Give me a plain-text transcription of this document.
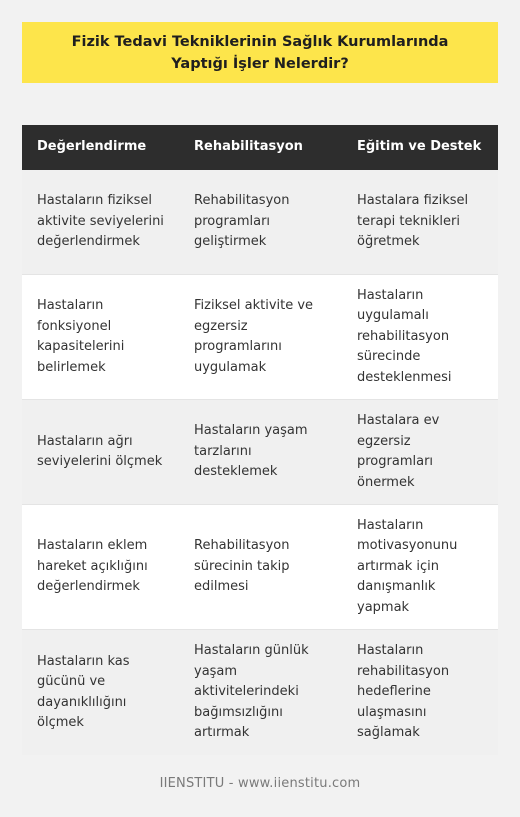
Fizik Tedavi Tekniklerinin Sağlık Kurumlarında Yaptığı İşler Nelerdir?
Değerlendirme	Rehabilitasyon	Eğitim ve Destek
Hastaların fiziksel aktivite seviyelerini değerlendirmek
Rehabilitasyon programları geliştirmek
Hastalara fiziksel terapi teknikleri öğretmek
Hastaların fonksiyonel kapasitelerini belirlemek
Fiziksel aktivite ve egzersiz programlarını uygulamak
Hastaların uygulamalı rehabilitasyon sürecinde desteklenmesi
Hastaların ağrı seviyelerini ölçmek
Hastaların yaşam tarzlarını desteklemek
Hastalara ev egzersiz programları önermek
Hastaların eklem hareket açıklığını değerlendirmek
Rehabilitasyon sürecinin takip edilmesi
Hastaların motivasyonunu artırmak için danışmanlık yapmak
Hastaların kas gücünü ve dayanıklılığını ölçmek
Hastaların günlük yaşam aktivitelerindeki bağımsızlığını artırmak
Hastaların rehabilitasyon hedeflerine ulaşmasını sağlamak
IIENSTITU - www.iienstitu.com
